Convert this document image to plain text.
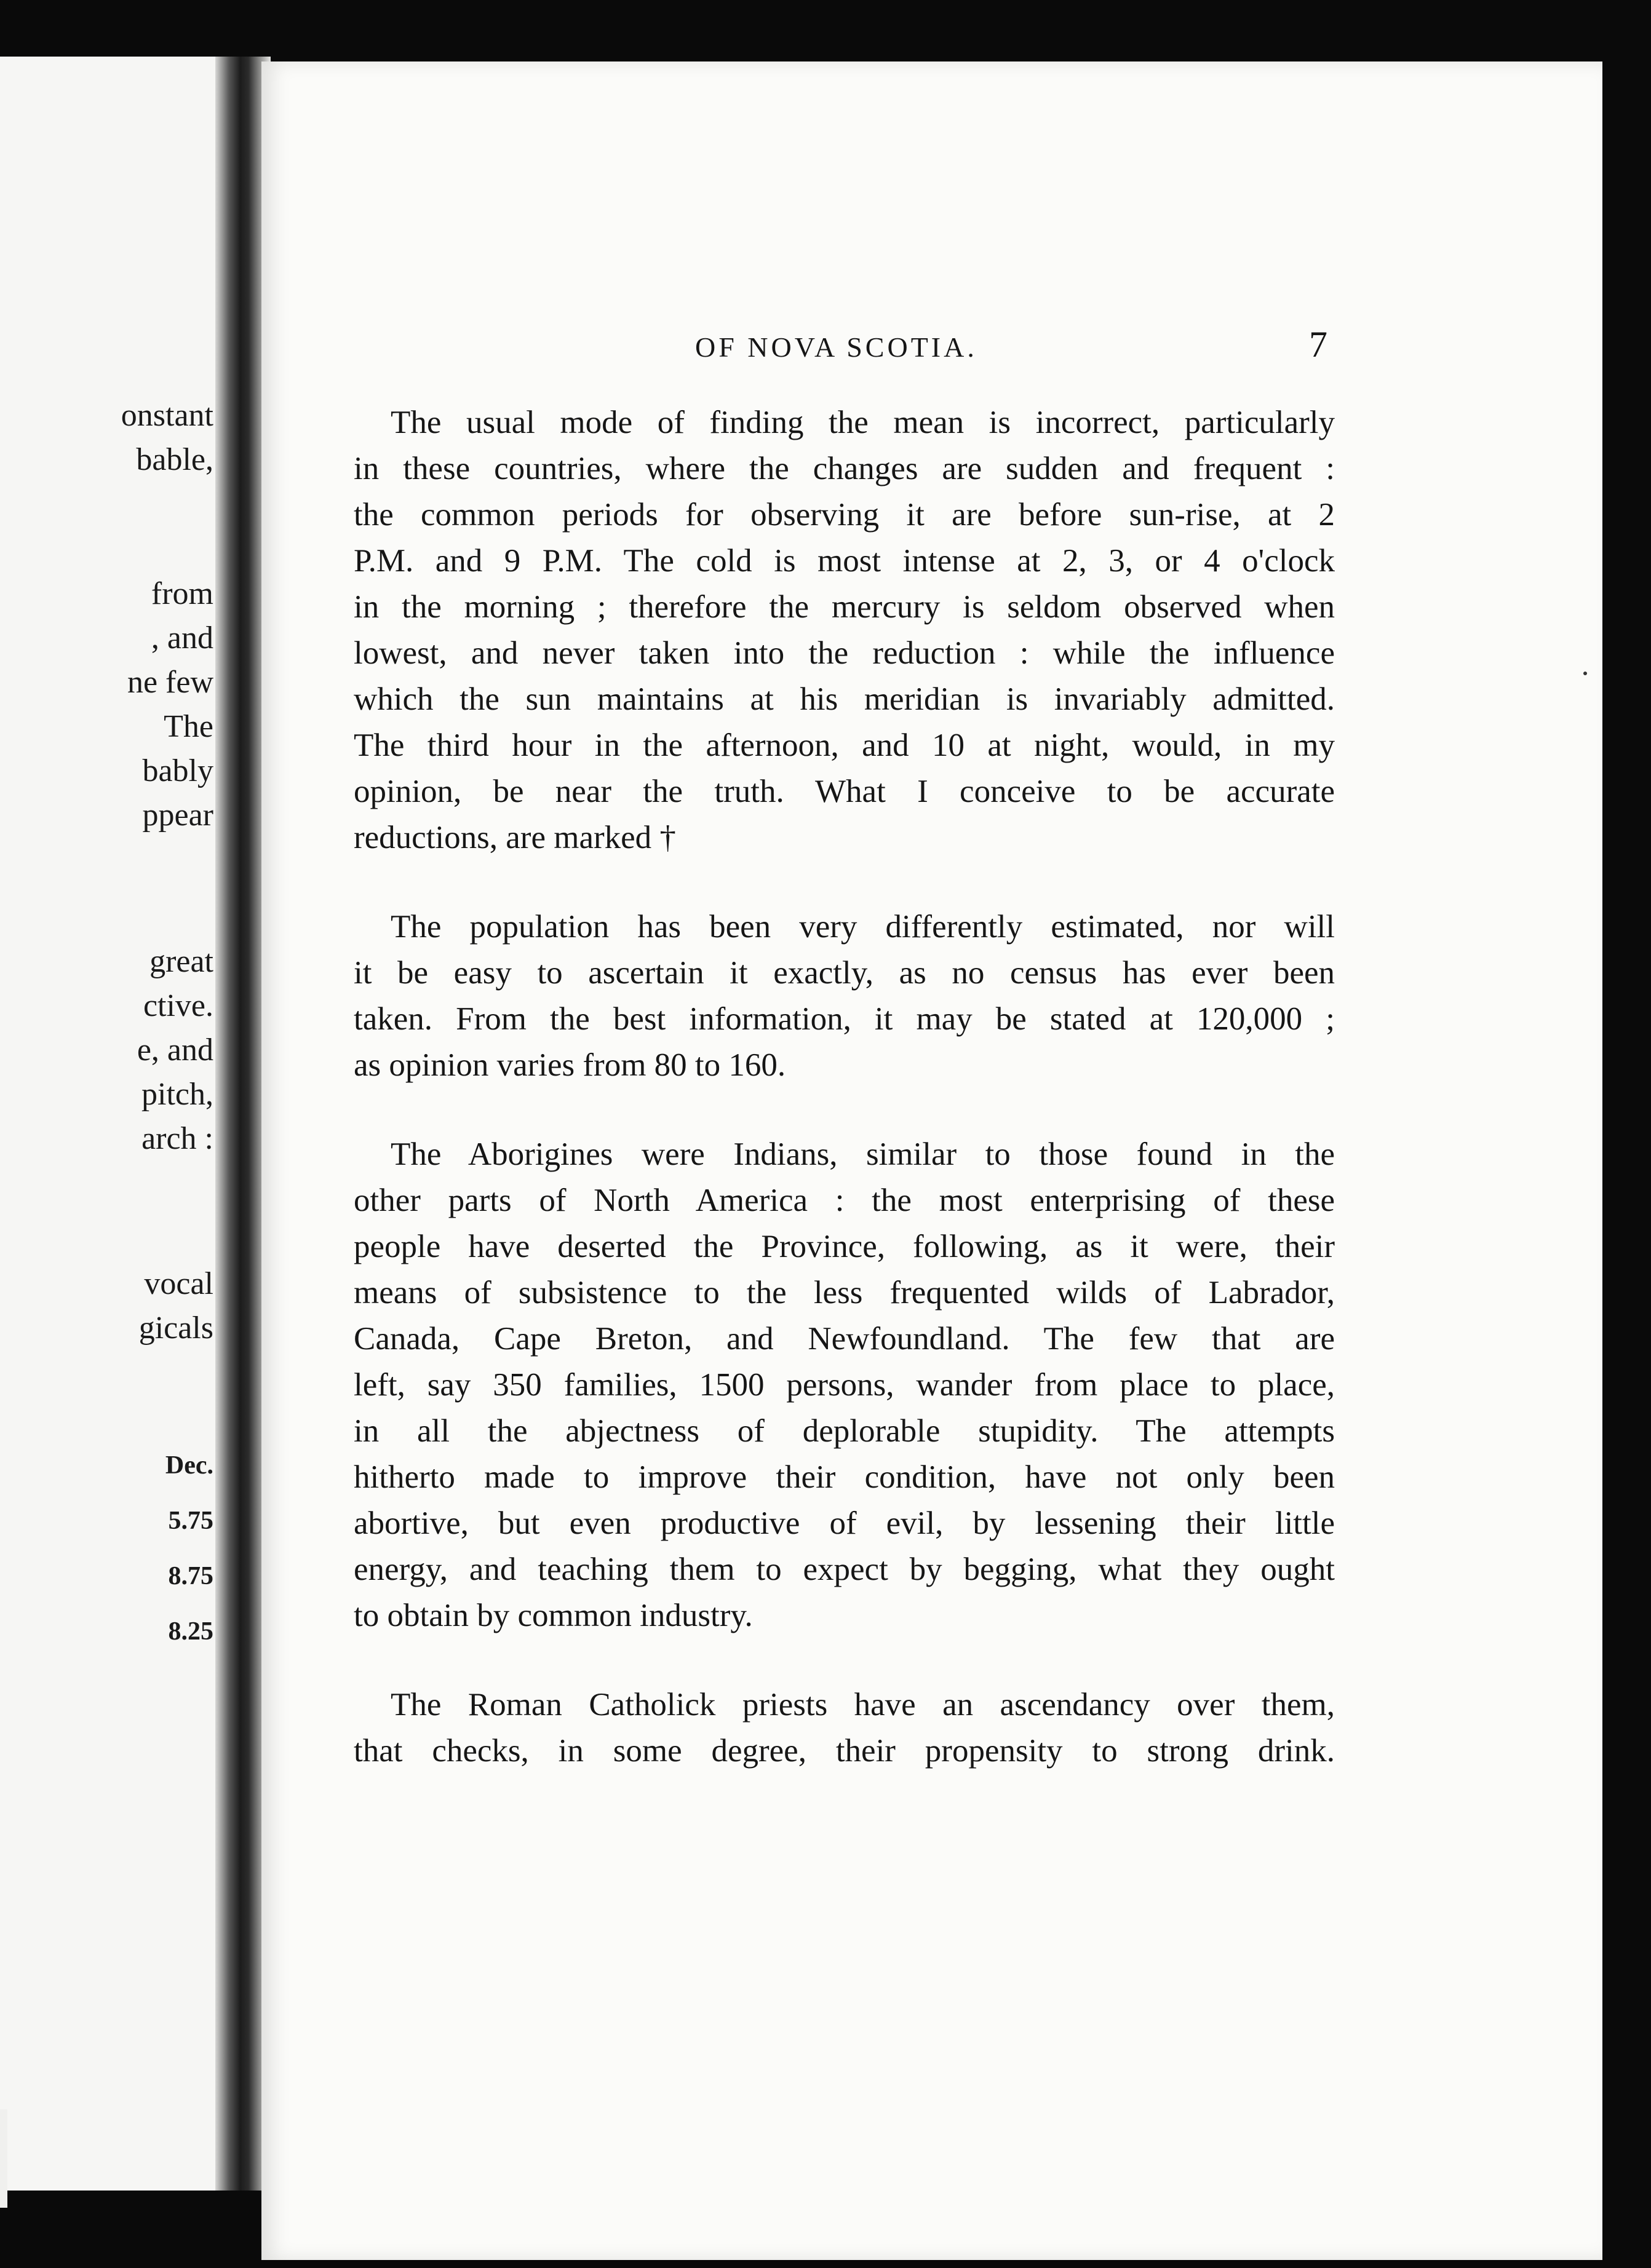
onstant
bable,
from
, and
ne few
The
bably
ppear
great
ctive.
e, and
pitch,
arch :
vocal
gicals
Dec.
5.75
8.75
8.25
OF NOVA SCOTIA.	7
The usual mode of finding the mean is incorrect, particularly
in these countries, where the changes are sudden and frequent :
the common periods for observing it are before sun-rise, at 2
P.M. and 9 P.M. The cold is most intense at 2, 3, or 4 o'clock
in the morning ; therefore the mercury is seldom observed when
lowest, and never taken into the reduction : while the influence
which the sun maintains at his meridian is invariably admitted.
The third hour in the afternoon, and 10 at night, would, in my
opinion, be near the truth. What I conceive to be accurate
reductions, are marked †
The population has been very differently estimated, nor will
it be easy to ascertain it exactly, as no census has ever been
taken. From the best information, it may be stated at 120,000 ;
as opinion varies from 80 to 160.
The Aborigines were Indians, similar to those found in the
other parts of North America : the most enterprising of these
people have deserted the Province, following, as it were, their
means of subsistence to the less frequented wilds of Labrador,
Canada, Cape Breton, and Newfoundland. The few that are
left, say 350 families, 1500 persons, wander from place to place,
in all the abjectness of deplorable stupidity. The attempts
hitherto made to improve their condition, have not only been
abortive, but even productive of evil, by lessening their little
energy, and teaching them to expect by begging, what they ought
to obtain by common industry.
The Roman Catholick priests have an ascendancy over them,
that checks, in some degree, their propensity to strong drink.
